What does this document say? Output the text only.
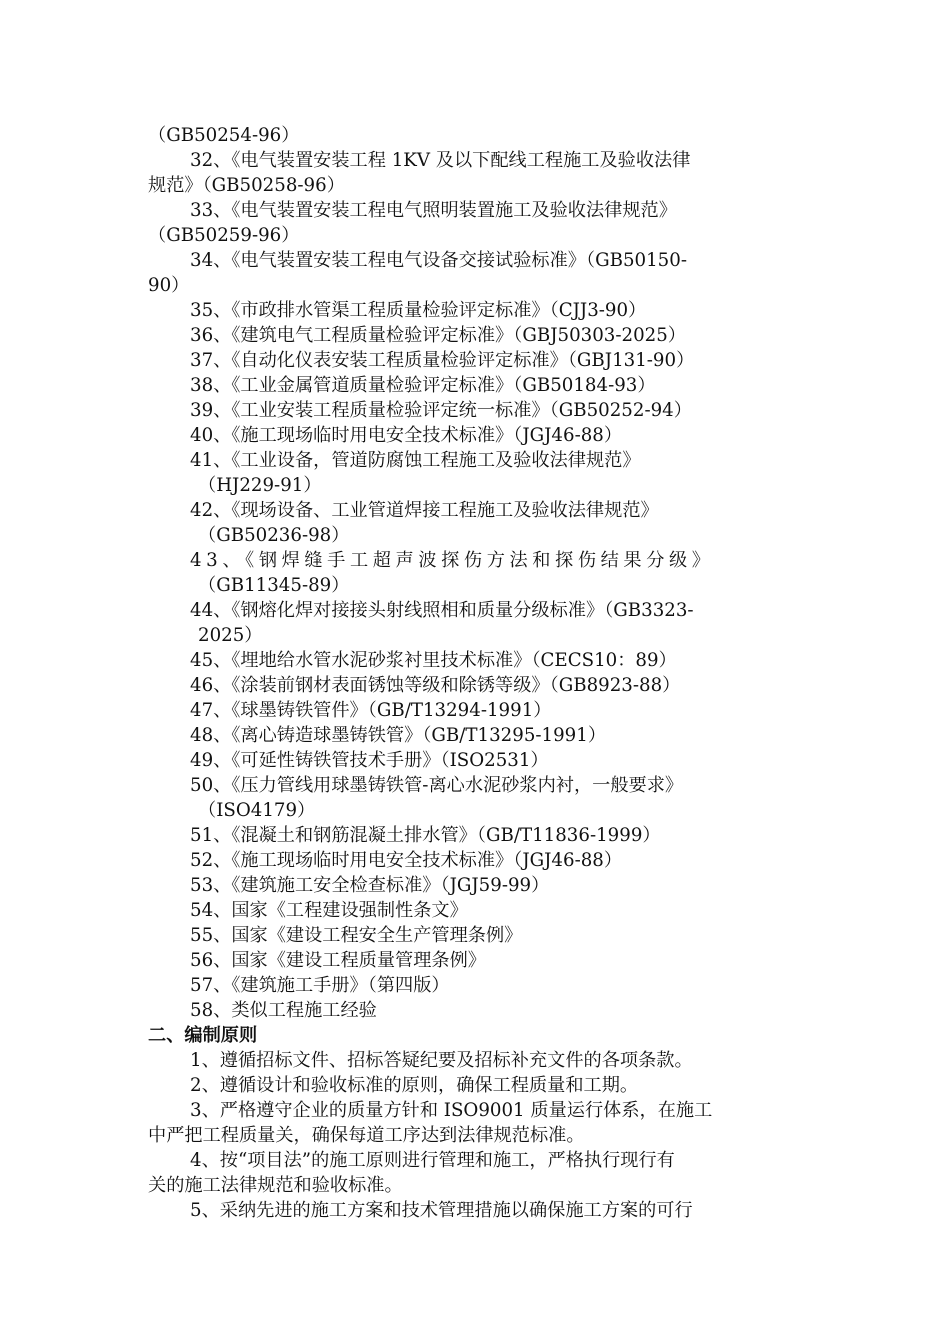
（GB50254-96）
32、《电气装置安装工程 1KV 及以下配线工程施工及验收法律
规范》（GB50258-96）
33、《电气装置安装工程电气照明装置施工及验收法律规范》
（GB50259-96）
34、《电气装置安装工程电气设备交接试验标准》（GB50150-
90）
35、《市政排水管渠工程质量检验评定标准》（CJJ3-90）
36、《建筑电气工程质量检验评定标准》（GBJ50303-2025）
37、《自动化仪表安装工程质量检验评定标准》（GBJ131-90）
38、《工业金属管道质量检验评定标准》（GB50184-93）
39、《工业安装工程质量检验评定统一标准》（GB50252-94）
40、《施工现场临时用电安全技术标准》（JGJ46-88）
41、《工业设备，管道防腐蚀工程施工及验收法律规范》
（HJ229-91）
42、《现场设备、工业管道焊接工程施工及验收法律规范》
（GB50236-98）
43、《钢焊缝手工超声波探伤方法和探伤结果分级》
（GB11345-89）
44、《钢熔化焊对接接头射线照相和质量分级标准》（GB3323-
2025）
45、《埋地给水管水泥砂浆衬里技术标准》（CECS10：89）
46、《涂装前钢材表面锈蚀等级和除锈等级》（GB8923-88）
47、《球墨铸铁管件》（GB/T13294-1991）
48、《离心铸造球墨铸铁管》（GB/T13295-1991）
49、《可延性铸铁管技术手册》（ISO2531）
50、《压力管线用球墨铸铁管-离心水泥砂浆内衬，一般要求》
（ISO4179）
51、《混凝土和钢筋混凝土排水管》（GB/T11836-1999）
52、《施工现场临时用电安全技术标准》（JGJ46-88）
53、《建筑施工安全检查标准》（JGJ59-99）
54、国家《工程建设强制性条文》
55、国家《建设工程安全生产管理条例》
56、国家《建设工程质量管理条例》
57、《建筑施工手册》（第四版）
58、类似工程施工经验
二、编制原则
1、遵循招标文件、招标答疑纪要及招标补充文件的各项条款。
2、遵循设计和验收标准的原则，确保工程质量和工期。
3、严格遵守企业的质量方针和 ISO9001 质量运行体系，在施工
中严把工程质量关，确保每道工序达到法律规范标准。
4、按“项目法”的施工原则进行管理和施工，严格执行现行有
关的施工法律规范和验收标准。
5、采纳先进的施工方案和技术管理措施以确保施工方案的可行
